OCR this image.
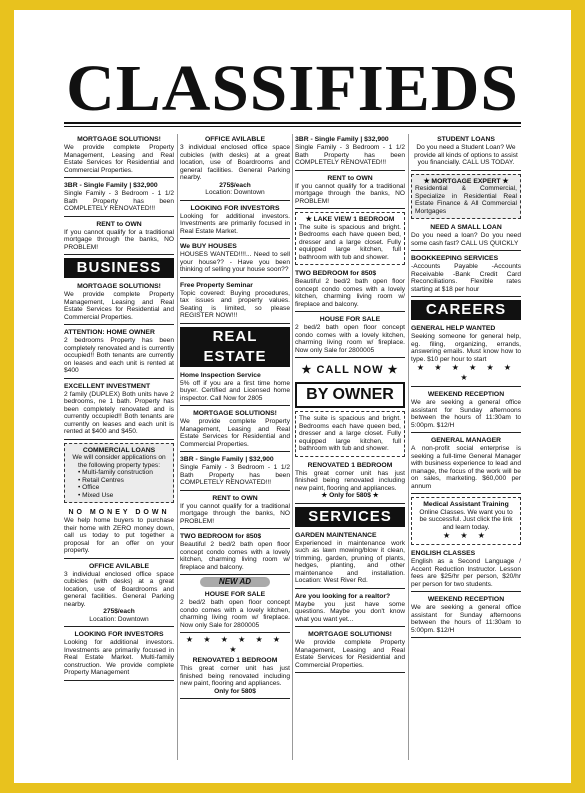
CLASSIFIEDS
MORTGAGE SOLUTIONS!

We provide complete Property Management, Leasing and Real Estate Services for Residential and Commercial Properties.

3BR - Single Family | $32,900

Single Family - 3 Bedroom - 1 1/2 Bath Property has been COMPLETELY RENOVATED!!!

RENT to OWN

If you cannot qualify for a traditional mortgage through the banks, NO PROBLEM!

BUSINESS
MORTGAGE SOLUTIONS!

We provide complete Property Management, Leasing and Real Estate Services for Residential and Commercial Properties.

ATTENTION: HOME OWNER

2 bedrooms Property has been completely renovated and is currently occupied!! Both tenants are currently on leases and each unit is rented at $400

EXCELLENT INVESTMENT

2 family (DUPLEX) Both units have 2 bedrooms, ne 1 bath. Property has been completely renovated and is currently occupied!! Both tenants are currently on leases and each unit is rented at $400 and $450.

COMMERCIAL LOANS

We will consider applications on the following property types:

• Multi-family construction
• Retail Centres
• Office
• Mixed Use
NO MONEY DOWN

We help home buyers to purchase their home with ZERO money down, call us today to put together a proposal for an offer on your property.

OFFICE AVILABLE

3 individual enclosed office space cubicles (with desks) at a great location, use of Boardrooms and general facilities. General Parking nearby.

275$/each

Location: Downtown

LOOKING FOR INVESTORS

Looking for additional investors. Investments are primarily focused in Real Estate Market. Multi-family construction. We provide complete Property Management

OFFICE AVILABLE

3 individual enclosed office space cubicles (with desks) at a great location, use of Boardrooms and general facilities. General Parking nearby.

275$/each

Location: Downtown

LOOKING FOR INVESTORS

Looking for additional investors. Investments are primarily focused in Real Estate Market.

We BUY HOUSES

HOUSES WANTED!!!!... Need to sell your house?? - Have you been thinking of selling your house soon??

Free Property Seminar

Topic covered: Buying procedures, tax issues and property values. Seating is limited, so please REGISTER NOW!!!

REAL ESTATE
Home Inspection Service

5% off if you are a first time home buyer. Certified and Licensed home inspector. Call Now for 2805

MORTGAGE SOLUTIONS!

We provide complete Property Management, Leasing and Real Estate Services for Residential and Commercial Properties.

3BR - Single Family | $32,900

Single Family - 3 Bedroom - 1 1/2 Bath Property has been COMPLETELY RENOVATED!!!

RENT to OWN

If you cannot qualify for a traditional mortgage through the banks, NO PROBLEM!

TWO BEDROOM for 850$

Beautiful 2 bed/2 bath open floor concept condo comes with a lovely kitchen, charming living room w/ fireplace and balcony.

NEW AD
HOUSE FOR SALE

2 bed/2 bath open floor concept condo comes with a lovely kitchen, charming living room w/ fireplace. Now only Sale for 2800005

★ ★ ★ ★ ★ ★ ★
RENOVATED 1 BEDROOM

This great corner unit has just finished being renovated including new paint, flooring and appliances.

Only for 580$

3BR - Single Family | $32,900

Single Family - 3 Bedroom - 1 1/2 Bath Property has been COMPLETELY RENOVATED!!!

RENT to OWN

If you cannot qualify for a traditional mortgage through the banks, NO PROBLEM!

★ LAKE VIEW 1 BEDROOM

The suite is spacious and bright. Bedrooms each have queen bed, dresser and a large closet. Fully equipped large kitchen, full bathroom with tub and shower.

TWO BEDROOM for 850$

Beautiful 2 bed/2 bath open floor concept condo comes with a lovely kitchen, charming living room w/ fireplace and balcony.

HOUSE FOR SALE

2 bed/2 bath open floor concept condo comes with a lovely kitchen, charming living room w/ fireplace. Now only Sale for 2800005

★ CALL NOW ★
BY OWNER

The suite is spacious and bright. Bedrooms each have queen bed, dresser and a large closet. Fully equipped large kitchen, full bathroom with tub and shower.

RENOVATED 1 BEDROOM

This great corner unit has just finished being renovated including new paint, flooring and appliances.

★ Only for 580$ ★

SERVICES
GARDEN MAINTENANCE

Experienced in maintenance work such as lawn mowing/blow it clean, trimming, garden, pruning of plants, hedges, planting, and other maintenance and installation. Location: West River Rd.

Are you looking for a realtor?

Maybe you just have some questions. Maybe you don't know what you want yet...

MORTGAGE SOLUTIONS!

We provide complete Property Management, Leasing and Real Estate Services for Residential and Commercial Properties.

STUDENT LOANS

Do you need a Student Loan? We provide all kinds of options to assist you financially. CALL US TODAY.

★ MORTGAGE EXPERT ★

Residential & Commercial, Specialize in Residential Real Estate Finance & All Commercial Mortgages

NEED A SMALL LOAN

Do you need a loan? Do you need some cash fast? CALL US QUICKLY

BOOKKEEPING SERVICES

-Accounts Payable -Accounts Receivable -Bank Credit Card Reconciliations. Flexible rates starting at $18 per hour

CAREERS
GENERAL HELP WANTED

Seeking someone for general help, eg. filing, organizing, errands, answering emails. Must know how to type. $10 per hour to start

★ ★ ★ ★ ★ ★ ★
WEEKEND RECEPTION

We are seeking a general office assistant for Sunday afternoons between the hours of 11:30am to 5:00pm. $12/H

GENERAL MANAGER

A non-profit social enterprise is seeking a full-time General Manager with business experience to lead and manage, the focus of the work will be on sales, marketing. $60,000 per annum

Medical Assistant Training

Online Classes. We want you to be successful. Just click the link and learn today.

★ ★ ★
ENGLISH CLASSES

English as a Second Language / Accent Reduction Instructor. Lesson fees are $25/hr per person, $20/hr per person for two students.

WEEKEND RECEPTION

We are seeking a general office assistant for Sunday afternoons between the hours of 11:30am to 5:00pm. $12/H
